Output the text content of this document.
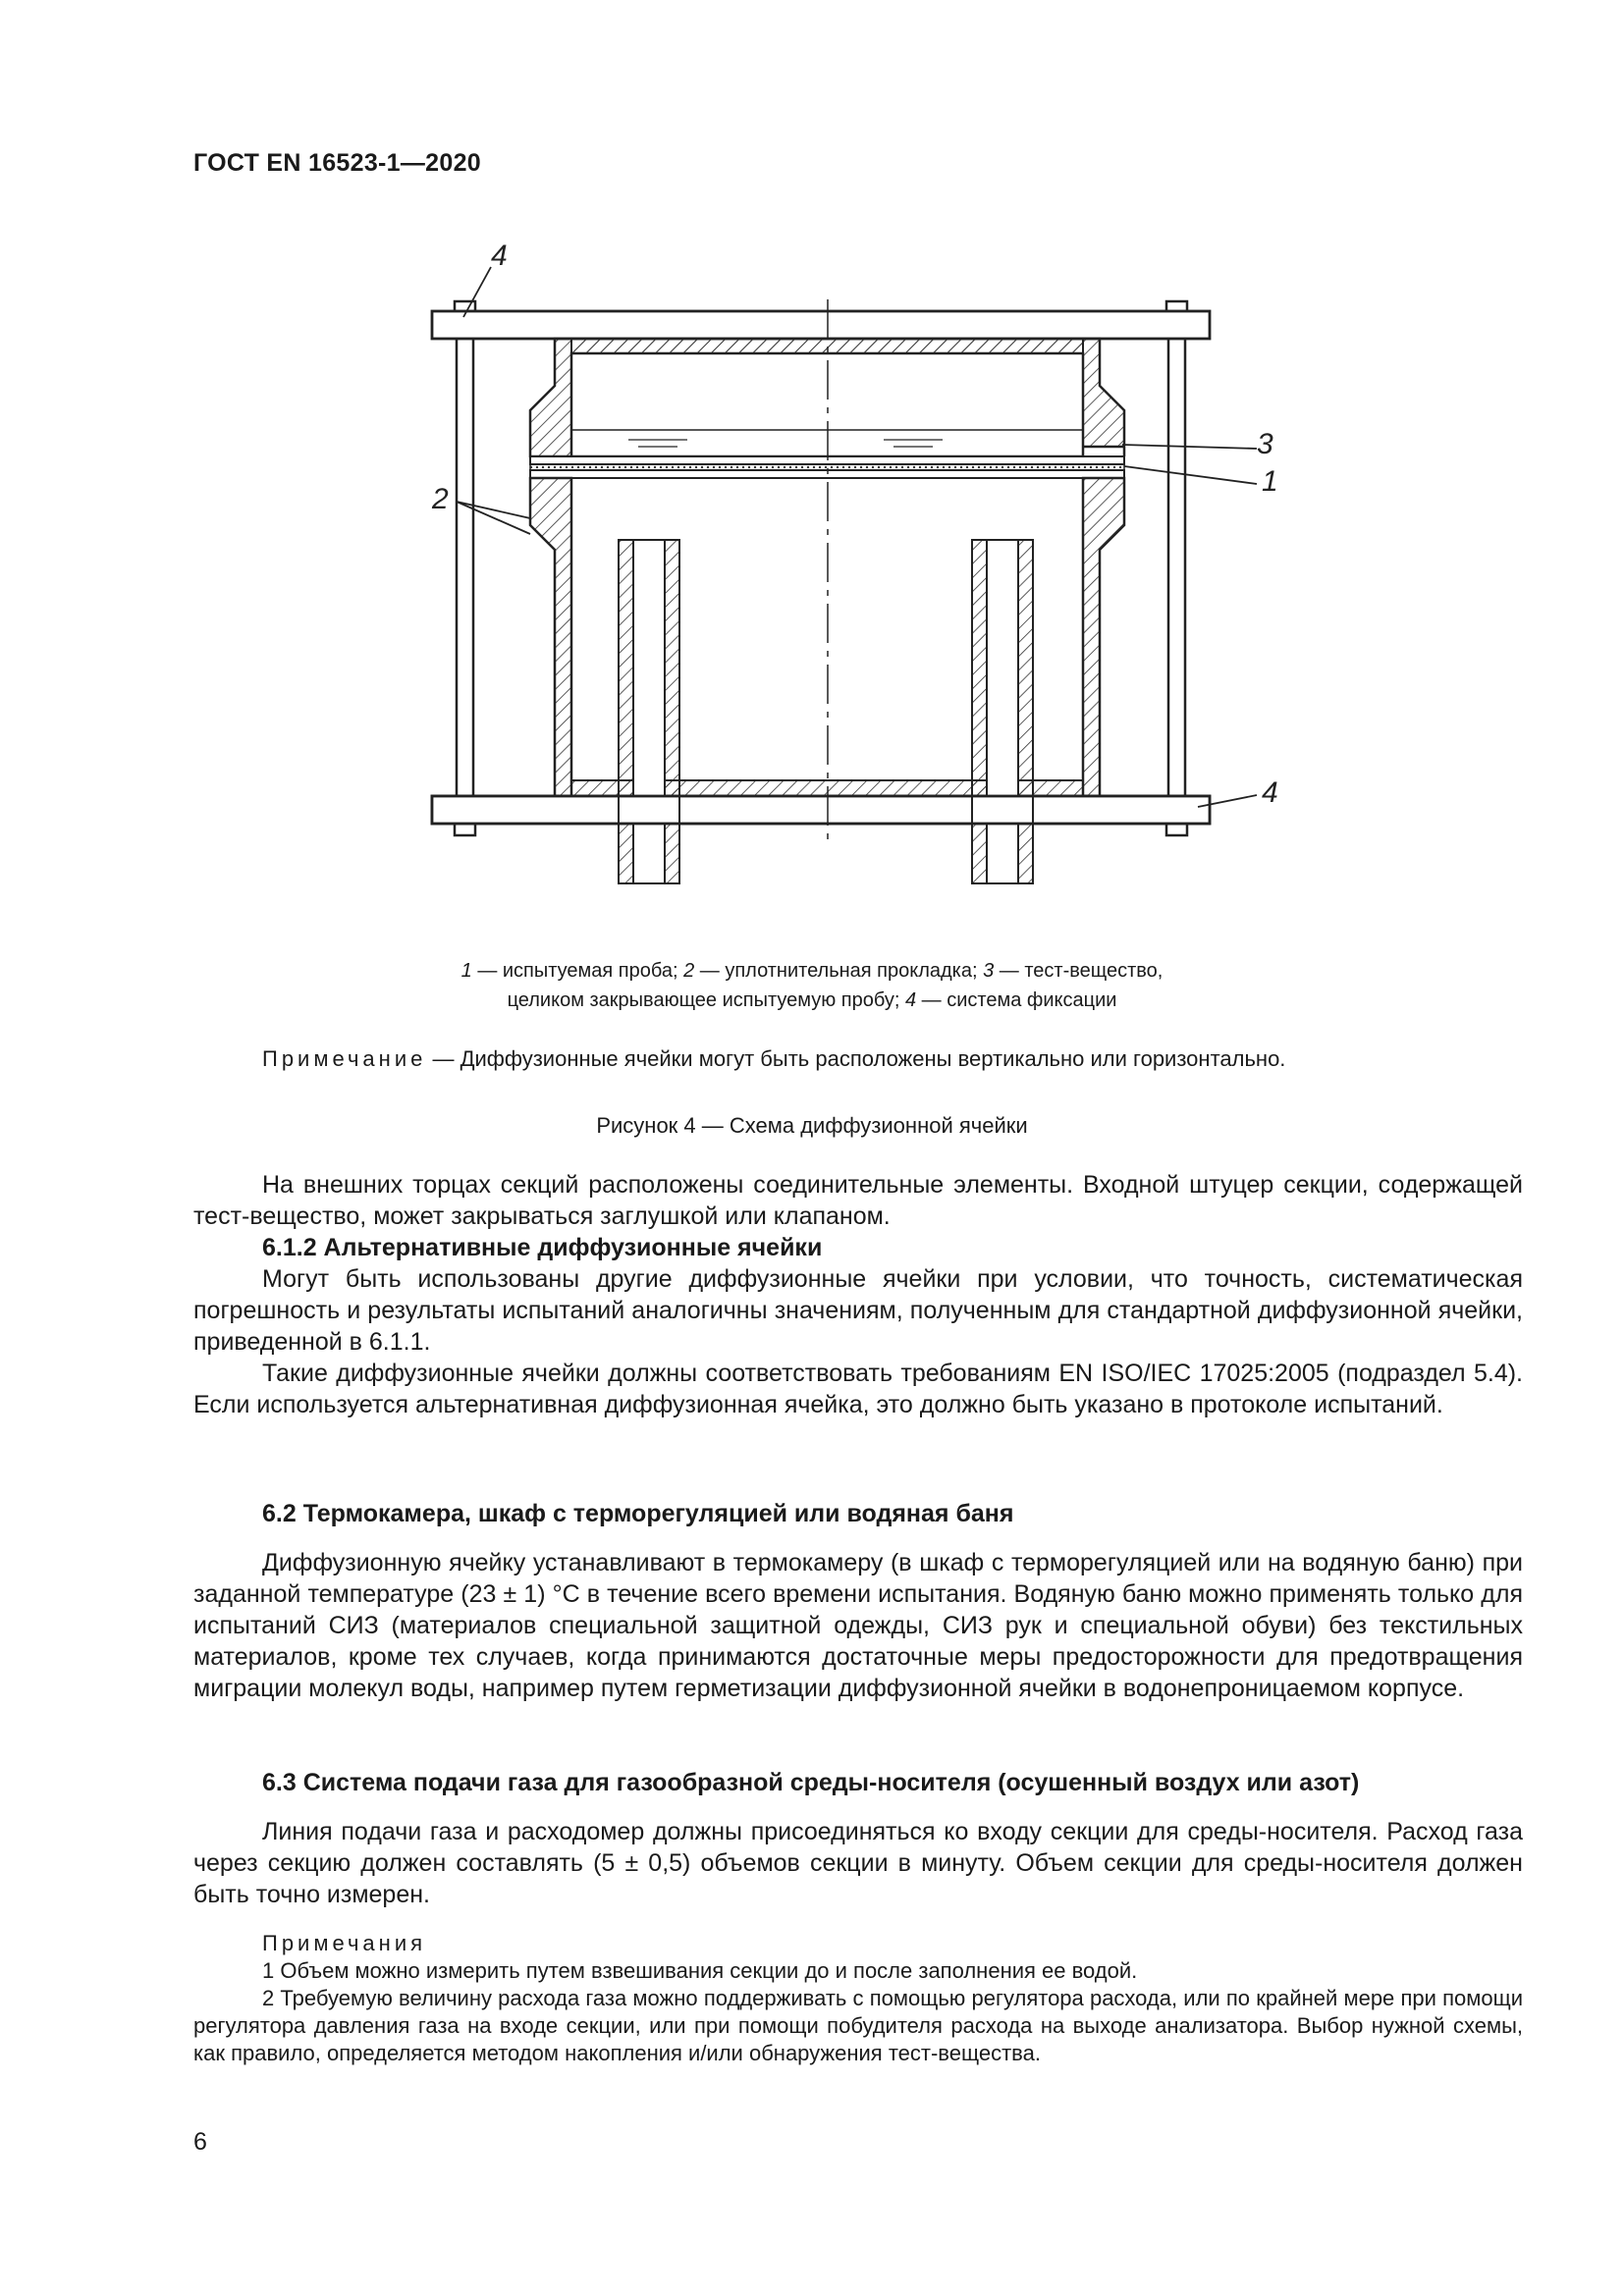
ГОСТ EN 16523-1—2020
4
3
1
2
4
1 — испытуемая проба; 2 — уплотнительная прокладка; 3 — тест-вещество,
целиком закрывающее испытуемую пробу; 4 — система фиксации
Примечание — Диффузионные ячейки могут быть расположены вертикально или горизонтально.
Рисунок 4 — Схема диффузионной ячейки

На внешних торцах секций расположены соединительные элементы. Входной штуцер секции, содержащей тест-вещество, может закрываться заглушкой или клапаном.

6.1.2 Альтернативные диффузионные ячейки

Могут быть использованы другие диффузионные ячейки при условии, что точность, систематическая погрешность и результаты испытаний аналогичны значениям, полученным для стандартной диффузионной ячейки, приведенной в 6.1.1.

Такие диффузионные ячейки должны соответствовать требованиям EN ISO/IEC 17025:2005 (подраздел 5.4). Если используется альтернативная диффузионная ячейка, это должно быть указано в протоколе испытаний.

6.2 Термокамера, шкаф с терморегуляцией или водяная баня

Диффузионную ячейку устанавливают в термокамеру (в шкаф с терморегуляцией или на водяную баню) при заданной температуре (23 ± 1) °С в течение всего времени испытания. Водяную баню можно применять только для испытаний СИЗ (материалов специальной защитной одежды, СИЗ рук и специальной обуви) без текстильных материалов, кроме тех случаев, когда принимаются достаточные меры предосторожности для предотвращения миграции молекул воды, например путем герметизации диффузионной ячейки в водонепроницаемом корпусе.

6.3 Система подачи газа для газообразной среды-носителя (осушенный воздух или азот)

Линия подачи газа и расходомер должны присоединяться ко входу секции для среды-носителя. Расход газа через секцию должен составлять (5 ± 0,5) объемов секции в минуту. Объем секции для среды-носителя должен быть точно измерен.

Примечания

1 Объем можно измерить путем взвешивания секции до и после заполнения ее водой.

2 Требуемую величину расхода газа можно поддерживать с помощью регулятора расхода, или по крайней мере при помощи регулятора давления газа на входе секции, или при помощи побудителя расхода на выходе анализатора. Выбор нужной схемы, как правило, определяется методом накопления и/или обнаружения тест-вещества.

6
